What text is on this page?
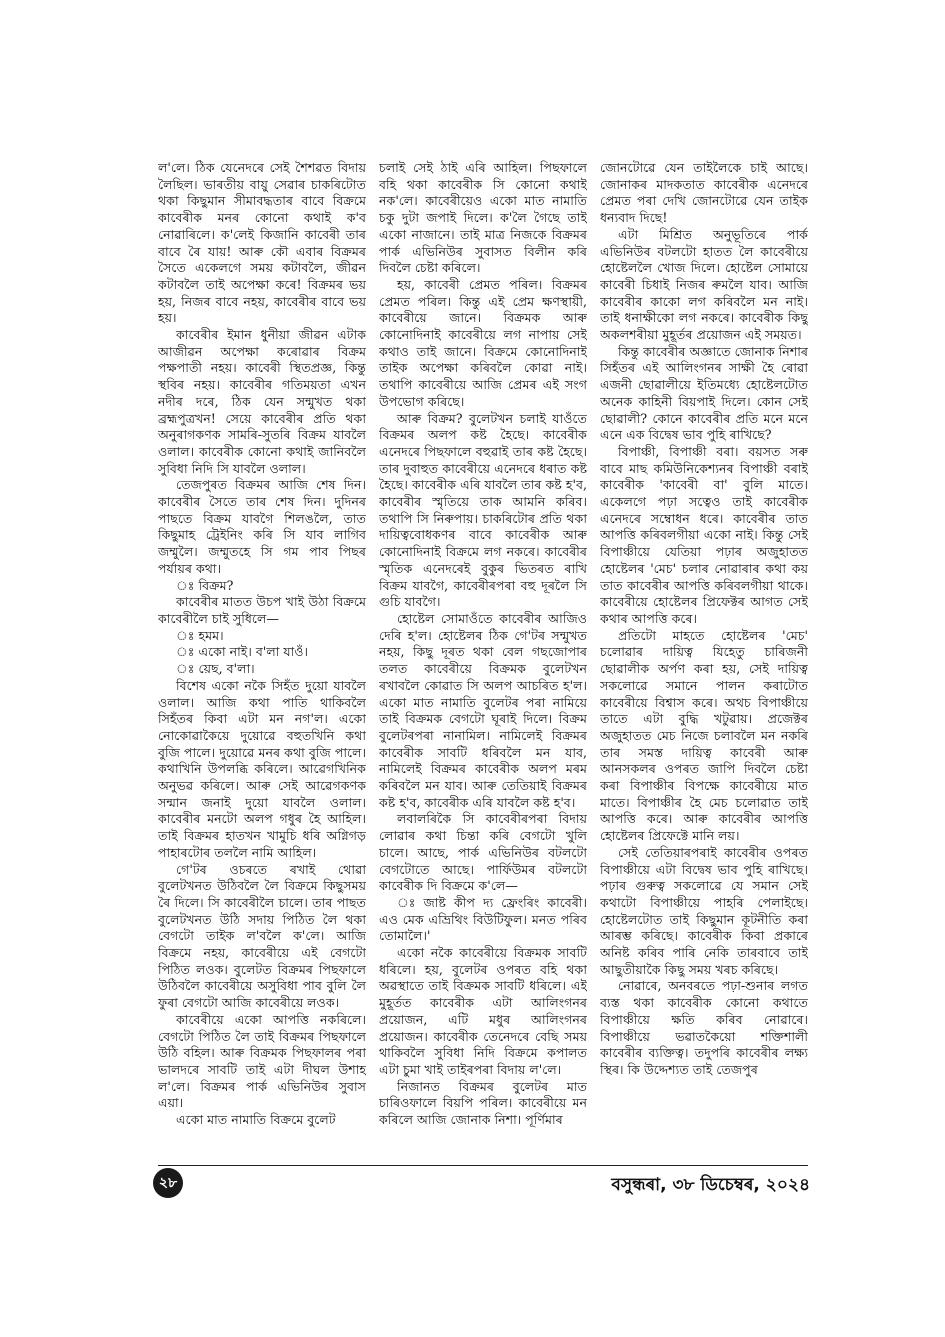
ল'লে। ঠিক যেনেদৰে সেই শৈশৱত বিদায় লৈছিল। ভাৰতীয় বায়ু সেৱাৰ চাকৰিটোত থকা কিছুমান সীমাবদ্ধতাৰ বাবে বিক্ৰমে কাবেৰীক মনৰ কোনো কথাই ক'ব নোৱাৰিলে। ক'লেই কিজানি কাবেৰী তাৰ বাবে ৰৈ যায়! আৰু কৌ এবাৰ বিক্ৰমৰ সৈতে একেলগে সময় কটাবলৈ, জীৱন কটাবলৈ তাই অপেক্ষা কৰে! বিক্ৰমৰ ভয় হয়, নিজৰ বাবে নহয়, কাবেৰীৰ বাবে ভয় হয়।

কাবেৰীৰ ইমান ধুনীয়া জীৱন এটাক আজীৱন অপেক্ষা কৰোৱাৰ বিক্ৰম পক্ষপাতী নহয়। কাবেৰী স্থিতপ্ৰজ্ঞ, কিন্তু স্থবিৰ নহয়। কাবেৰীৰ গতিময়তা এখন নদীৰ দৰে, ঠিক যেন সন্মুখত থকা ব্ৰহ্মপুত্ৰখন! সেয়ে কাবেৰীৰ প্ৰতি থকা অনুৰাগকণক সামৰি-সুতৰি বিক্ৰম যাবলৈ ওলাল। কাবেৰীক কোনো কথাই জানিবলৈ সুবিধা নিদি সি যাবলৈ ওলাল।

তেজপুৰত বিক্ৰমৰ আজি শেষ দিন। কাবেৰীৰ সৈতে তাৰ শেষ দিন। দুদিনৰ পাছতে বিক্ৰম যাবগৈ শিলঙলৈ, তাত কিছুমাহ ট্ৰেইনিং কৰি সি যাব লাগিব জম্মুলৈ। জম্মুতহে সি গম পাব পিছৰ পৰ্যায়ৰ কথা।

ঃ বিক্ৰম?

কাবেৰীৰ মাতত উচপ খাই উঠা বিক্ৰমে কাবেৰীলৈ চাই সুধিলে—

ঃ হমম।

ঃ একো নাই। ব'লা যাওঁ।

ঃ য়েছ, ব'লা।

বিশেষ একো নকৈ সিহঁত দুয়ো যাবলৈ ওলাল। আজি কথা পাতি থাকিবলৈ সিহঁতৰ কিবা এটা মন নগ'ল। একো নোকোৱাকৈয়ে দুয়োৱে বহুতখিনি কথা বুজি পালে। দুয়োৱে মনৰ কথা বুজি পালে। কথাখিনি উপলব্ধি কৰিলে। আৱেগখিনিক অনুভৱ কৰিলে। আৰু সেই আৱেগকণক সন্মান জনাই দুয়ো যাবলৈ ওলাল। কাবেৰীৰ মনটো অলপ গধুৰ হৈ আহিল। তাই বিক্ৰমৰ হাতখন খামুচি ধৰি অগ্নিগড় পাহাৰটোৰ তললৈ নামি আহিল।

গে'টৰ ওচৰতে ৰখাই থোৱা বুলেটখনত উঠিবলৈ লৈ বিক্ৰমে কিছুসময় ৰৈ দিলে। সি কাবেৰীলৈ চালে। তাৰ পাছত বুলেটখনত উঠি সদায় পিঠিত লৈ থকা বেগটো তাইক ল'বলৈ ক'লে। আজি বিক্ৰমে নহয়, কাবেৰীয়ে এই বেগটো পিঠিত লওক। বুলেটত বিক্ৰমৰ পিছফালে উঠিবলৈ কাবেৰীয়ে অসুবিধা পাব বুলি লৈ ফুৰা বেগটো আজি কাবেৰীয়ে লওক।

কাবেৰীয়ে একো আপত্তি নকৰিলে। বেগটো পিঠিত লৈ তাই বিক্ৰমৰ পিছফালে উঠি বহিল। আৰু বিক্ৰমক পিছফালৰ পৰা ভালদৰে সাবটি তাই এটা দীঘল উশাহ ল'লে। বিক্ৰমৰ পাৰ্ক এভিনিউৰ সুবাস এয়া।

একো মাত নামাতি বিক্ৰমে বুলেট

চলাই সেই ঠাই এৰি আহিল। পিছফালে বহি থকা কাবেৰীক সি কোনো কথাই নক'লে। কাবেৰীয়েও একো মাত নামাতি চকু দুটা জপাই দিলে। ক'লৈ গৈছে তাই একো নাজানে। তাই মাত্ৰ নিজকে বিক্ৰমৰ পাৰ্ক এভিনিউৰ সুবাসত বিলীন কৰি দিবলৈ চেষ্টা কৰিলে।

হয়, কাবেৰী প্ৰেমত পৰিল। বিক্ৰমৰ প্ৰেমত পৰিল। কিন্তু এই প্ৰেম ক্ষণস্থায়ী, কাবেৰীয়ে জানে। বিক্ৰমক আৰু কোনোদিনাই কাবেৰীয়ে লগ নাপায় সেই কথাও তাই জানে। বিক্ৰমে কোনোদিনাই তাইক অপেক্ষা কৰিবলৈ কোৱা নাই। তথাপি কাবেৰীয়ে আজি প্ৰেমৰ এই সংগ উপভোগ কৰিছে।

আৰু বিক্ৰম? বুলেটখন চলাই যাওঁতে বিক্ৰমৰ অলপ কষ্ট হৈছে। কাবেৰীক এনেদৰে পিছফালে বহুৱাই তাৰ কষ্ট হৈছে। তাৰ দুবাহুত কাবেৰীয়ে এনেদৰে ধৰাত কষ্ট হৈছে। কাবেৰীক এৰি যাবলৈ তাৰ কষ্ট হ'ব, কাবেৰীৰ স্মৃতিয়ে তাক আমনি কৰিব। তথাপি সি নিৰুপায়। চাকৰিটোৰ প্ৰতি থকা দায়িত্ববোধকণৰ বাবে কাবেৰীক আৰু কোনোদিনাই বিক্ৰমে লগ নকৰে। কাবেৰীৰ স্মৃতিক এনেদৰেই বুকুৰ ভিতৰত ৰাখি বিক্ৰম যাবগৈ, কাবেৰীৰপৰা বহু দূৰলৈ সি গুচি যাবগৈ।

হোষ্টেল সোমাওঁতে কাবেৰীৰ আজিও দেৰি হ'ল। হোষ্টেলৰ ঠিক গে'টৰ সন্মুখত নহয়, কিছু দূৰত থকা বেল গছজোপাৰ তলত কাবেৰীয়ে বিক্ৰমক বুলেটখন ৰখাবলৈ কোৱাত সি অলপ আচৰিত হ'ল। একো মাত নামাতি বুলেটৰ পৰা নামিয়ে তাই বিক্ৰমক বেগটো ঘূৰাই দিলে। বিক্ৰম বুলেটৰপৰা নানামিল। নামিলেই বিক্ৰমৰ কাবেৰীক সাবটি ধৰিবলৈ মন যাব, নামিলেই বিক্ৰমৰ কাবেৰীক অলপ মৰম কৰিবলৈ মন যাব। আৰু তেতিয়াই বিক্ৰমৰ কষ্ট হ'ব, কাবেৰীক এৰি যাবলৈ কষ্ট হ'ব।

লবালৰিকৈ সি কাবেৰীৰপৰা বিদায় লোৱাৰ কথা চিন্তা কৰি বেগটো খুলি চালে। আছে, পাৰ্ক এভিনিউৰ বটলটো বেগটোতে আছে। পাৰ্ফিউমৰ বটলটো কাবেৰীক দি বিক্ৰমে ক'লে—

ঃ জাষ্ট কীপ দ্য ফ্ৰেংৰিং কাবেৰী। এও মেক এভ্ৰিথিং বিউটিফুল। মনত পৰিব তোমালৈ।'

একো নকৈ কাবেৰীয়ে বিক্ৰমক সাবটি ধৰিলে। হয়, বুলেটৰ ওপৰত বহি থকা অৱস্থাতে তাই বিক্ৰমক সাবটি ধৰিলে। এই মুহূৰ্তত কাবেৰীক এটা আলিংগনৰ প্ৰয়োজন, এটি মধুৰ আলিংগনৰ প্ৰয়োজন। কাবেৰীক তেনেদৰে বেছি সময় থাকিবলৈ সুবিধা নিদি বিক্ৰমে কপালত এটা চুমা খাই তাইৰপৰা বিদায় ল'লে।

নিজানত বিক্ৰমৰ বুলেটৰ মাত চাৰিওফালে বিয়পি পৰিল। কাবেৰীয়ে মন কৰিলে আজি জোনাক নিশা। পূৰ্ণিমাৰ

জোনটোৱে যেন তাইলৈকে চাই আছে। জোনাকৰ মাদকতাত কাবেৰীক এনেদৰে প্ৰেমত পৰা দেখি জোনটোৱে যেন তাইক ধন্যবাদ দিছে!

এটা মিশ্ৰিত অনুভূতিৰে পাৰ্ক এভিনিউৰ বটলটো হাতত লৈ কাবেৰীয়ে হোষ্টেললৈ খোজ দিলে। হোষ্টেল সোমায়ে কাবেৰী চিধাই নিজৰ ৰুমলৈ যাব। আজি কাবেৰীৰ কাকো লগ কৰিবলৈ মন নাই। তাই ধনাক্ষীকো লগ নকৰে। কাবেৰীক কিছু অকলশৰীয়া মুহূৰ্তৰ প্ৰয়োজন এই সময়ত।

কিন্তু কাবেৰীৰ অজ্ঞাতে জোনাক নিশাৰ সিহঁতৰ এই আলিংগনৰ সাক্ষী হৈ ৰোৱা এজনী ছোৱালীয়ে ইতিমধ্যে হোষ্টেলটোত অনেক কাহিনী বিয়পাই দিলে। কোন সেই ছোৱালী? কোনে কাবেৰীৰ প্ৰতি মনে মনে এনে এক বিদ্বেষ ভাব পুহি ৰাখিছে?

বিপাঞ্চী, বিপাঞ্চী বৰা। বয়সত সৰু বাবে মাছ কমিউনিকেশ্যনৰ বিপাঞ্চী বৰাই কাবেৰীক 'কাবেৰী বা' বুলি মাতে। একেলগে পঢ়া সত্বেও তাই কাবেৰীক এনেদৰে সম্বোধন ধৰে। কাবেৰীৰ তাত আপত্তি কৰিবলগীয়া একো নাই। কিন্তু সেই বিপাঞ্চীয়ে যেতিয়া পঢ়াৰ অজুহাতত হোষ্টেলৰ 'মেচ' চলাৰ নোৱাৰাৰ কথা কয় তাত কাবেৰীৰ আপত্তি কৰিবলগীয়া থাকে। কাবেৰীয়ে হোষ্টেলৰ প্ৰিফেক্টৰ আগত সেই কথাৰ আপত্তি কৰে।

প্ৰতিটো মাহতে হোষ্টেলৰ 'মেচ' চলোৱাৰ দায়িত্ব যিহেতু চাৰিজনী ছোৱালীক অৰ্পণ কৰা হয়, সেই দায়িত্ব সকলোৱে সমানে পালন কৰাটোত কাবেৰীয়ে বিশ্বাস কৰে। অথচ বিপাঞ্চীয়ে তাতে এটা বুদ্ধি খটুৱায়। প্ৰজেক্টৰ অজুহাতত মেচ নিজে চলাবলৈ মন নকৰি তাৰ সমস্ত দায়িত্ব কাবেৰী আৰু আনসকলৰ ওপৰত জাপি দিবলৈ চেষ্টা কৰা বিপাঞ্চীৰ বিপক্ষে কাবেৰীয়ে মাত মাতে। বিপাঞ্চীৰ হৈ মেচ চলোৱাত তাই আপত্তি কৰে। আৰু কাবেৰীৰ আপত্তি হোষ্টেলৰ প্ৰিফেক্টে মানি লয়।

সেই তেতিয়াৰপৰাই কাবেৰীৰ ওপৰত বিপাঞ্চীয়ে এটা বিদ্বেষ ভাব পুহি ৰাখিছে। পঢ়াৰ গুৰুত্ব সকলোৱে যে সমান সেই কথাটো বিপাঞ্চীয়ে পাহৰি পেলাইছে। হোষ্টেলটোত তাই কিছুমান কূটনীতি কৰা আৰম্ভ কৰিছে। কাবেৰীক কিবা প্ৰকাৰে অনিষ্ট কৰিব পাৰি নেকি তাৰবাবে তাই আছুতীয়াকৈ কিছু সময় খৰচ কৰিছে।

নোৱাৰে, অনবৰতে পঢ়া-শুনাৰ লগত ব্যস্ত থকা কাবেৰীক কোনো কথাতে বিপাঞ্চীয়ে ক্ষতি কৰিব নোৱাৰে। বিপাঞ্চীয়ে ভৱাতকৈয়ো শক্তিশালী কাবেৰীৰ ব্যক্তিত্ব। তদুপৰি কাবেৰীৰ লক্ষ্য স্থিৰ। কি উদ্দেশ্যত তাই তেজপুৰ

২৮	বসুন্ধৰা, ৩৮ ডিচেম্বৰ, ২০২৪
